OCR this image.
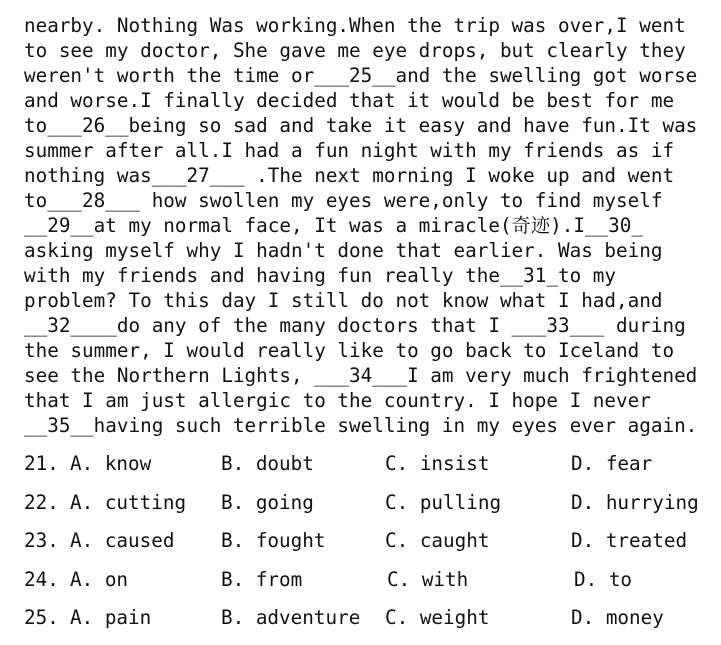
nearby. Nothing Was working.When the trip was over,I went
to see my doctor, She gave me eye drops, but clearly they
weren't worth the time or___25__and the swelling got worse
and worse.I finally decided that it would be best for me
to___26__being so sad and take it easy and have fun.It was
summer after all.I had a fun night with my friends as if
nothing was___27___ .The next morning I woke up and went
to___28___ how swollen my eyes were,only to find myself
__29__at my normal face, It was a miracle(奇迹).I__30_
asking myself why I hadn't done that earlier. Was being
with my friends and having fun really the__31_to my
problem? To this day I still do not know what I had,and
__32____do any of the many doctors that I ___33___ during
the summer, I would really like to go back to Iceland to
see the Northern Lights, ___34___I am very much frightened
that I am just allergic to the country. I hope I never
__35__having such terrible swelling in my eyes ever again.
21. A. know	B. doubt	C. insist	D. fear
22. A. cutting B. going	C. pulling	D. hurrying
23. A. caused B. fought	C. caught	D. treated
24. A. on	B. from	C. with	D. to
25. A. pain	B. adventure C. weight	D. money
